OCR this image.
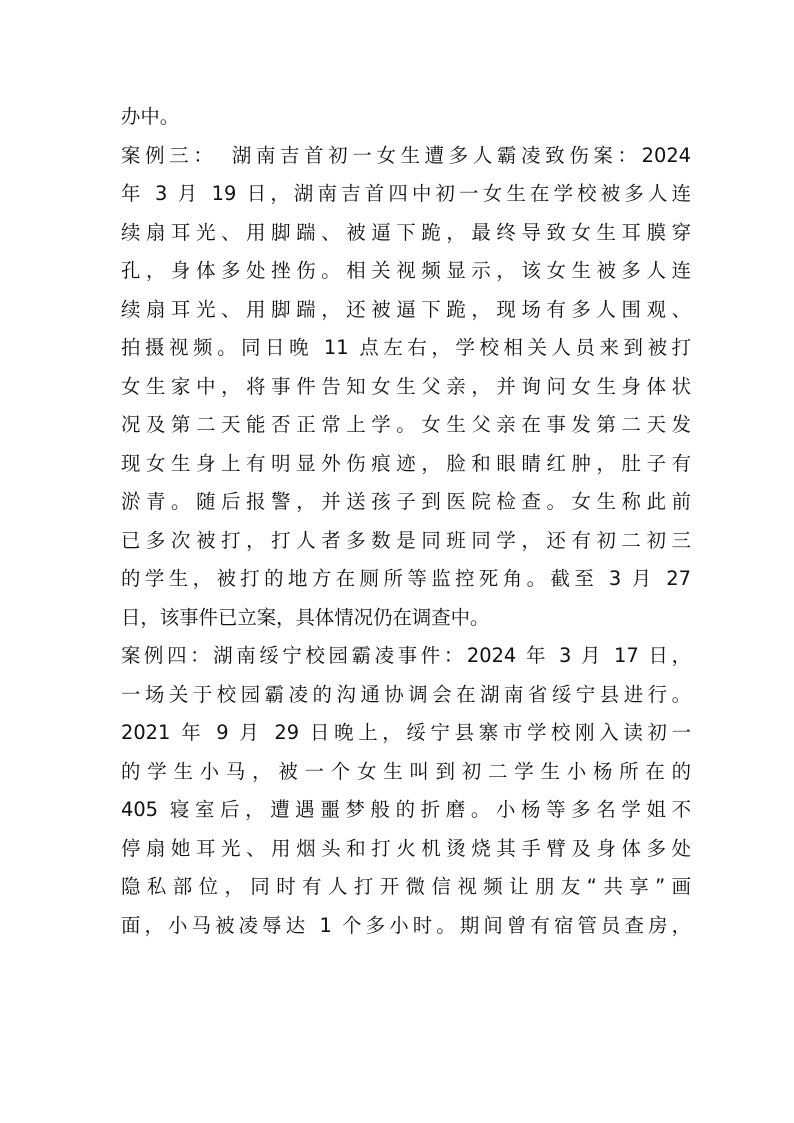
办中。
案例三：　湖南吉首初一女生遭多人霸凌致伤案：2024
年 3 月 19 日，湖南吉首四中初一女生在学校被多人连
续扇耳光、用脚踹、被逼下跪，最终导致女生耳膜穿
孔，身体多处挫伤。相关视频显示，该女生被多人连
续扇耳光、用脚踹，还被逼下跪，现场有多人围观、
拍摄视频。同日晚 11 点左右，学校相关人员来到被打
女生家中，将事件告知女生父亲，并询问女生身体状
况及第二天能否正常上学。女生父亲在事发第二天发
现女生身上有明显外伤痕迹，脸和眼睛红肿，肚子有
淤青。随后报警，并送孩子到医院检查。女生称此前
已多次被打，打人者多数是同班同学，还有初二初三
的学生，被打的地方在厕所等监控死角。截至 3 月 27
日，该事件已立案，具体情况仍在调查中。
案例四：湖南绥宁校园霸凌事件：2024 年 3 月 17 日，
一场关于校园霸凌的沟通协调会在湖南省绥宁县进行。
2021 年 9 月 29 日晚上，绥宁县寨市学校刚入读初一
的学生小马，被一个女生叫到初二学生小杨所在的
405 寝室后，遭遇噩梦般的折磨。小杨等多名学姐不
停扇她耳光、用烟头和打火机烫烧其手臂及身体多处
隐私部位，同时有人打开微信视频让朋友“共享”画
面，小马被凌辱达 1 个多小时。期间曾有宿管员查房，
